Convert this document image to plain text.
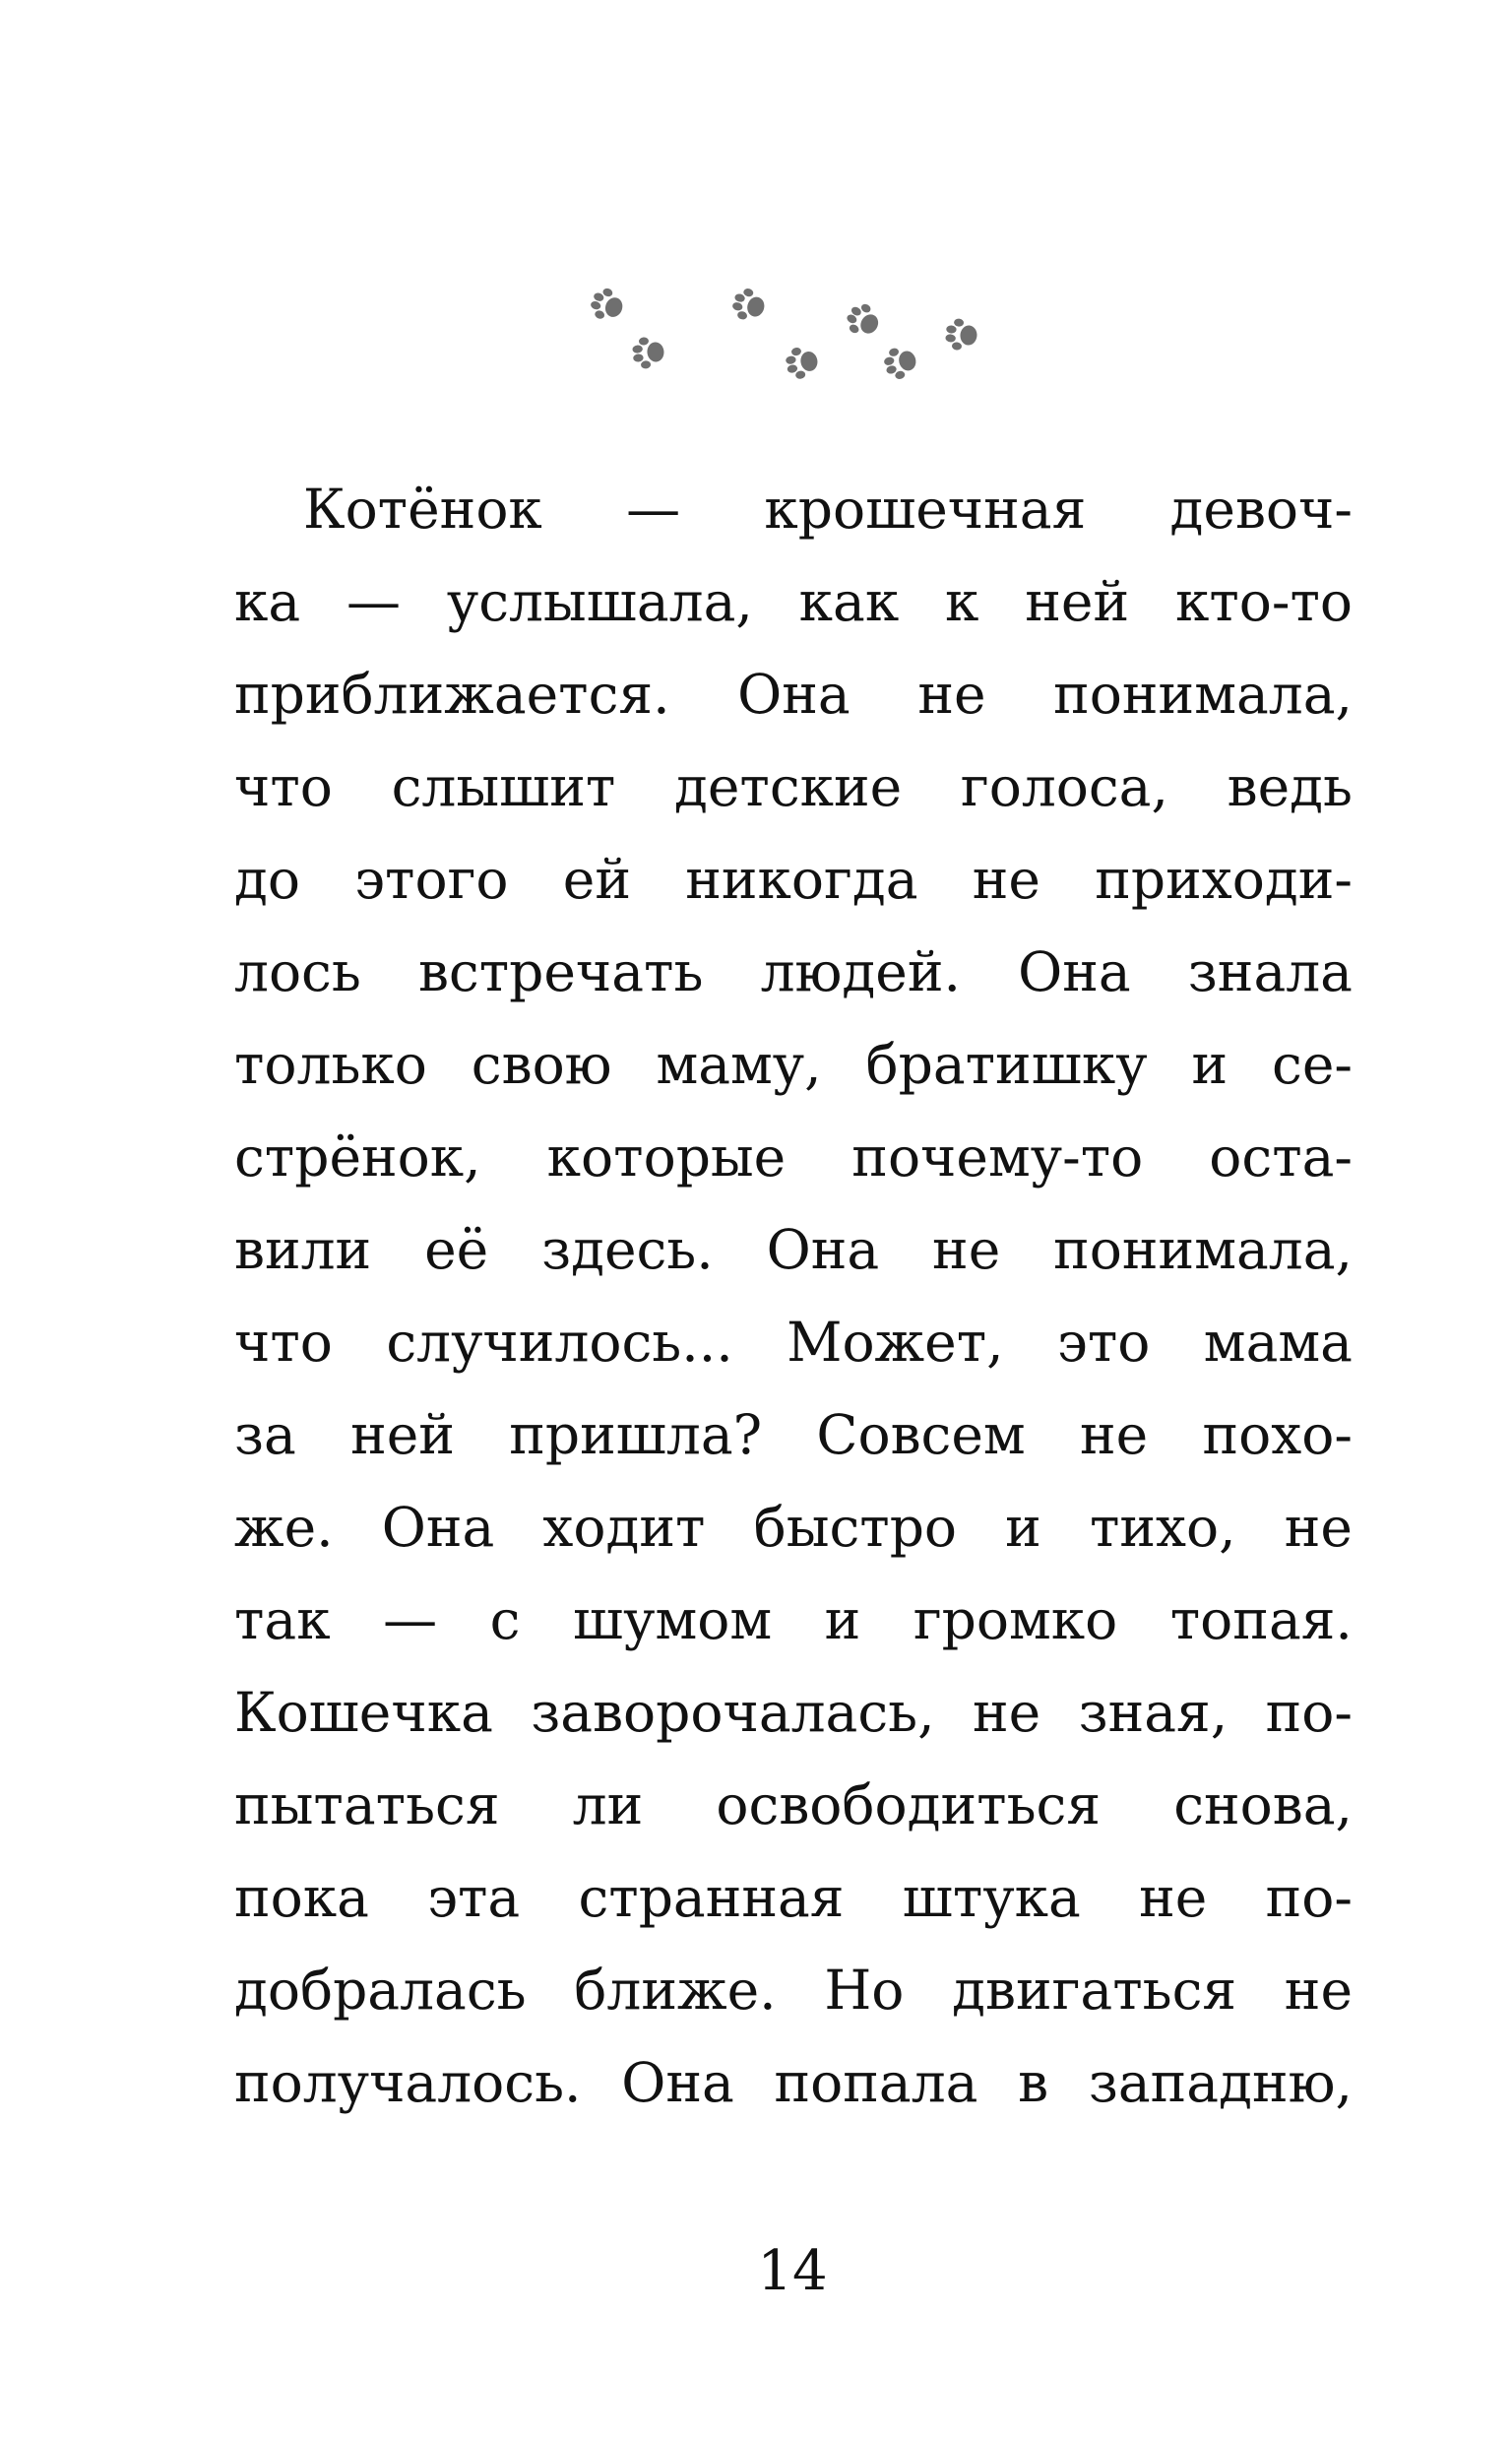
Котёнок — крошечная девоч-
ка — услышала, как к ней кто-то
приближается. Она не понимала,
что слышит детские голоса, ведь
до этого ей никогда не приходи-
лось встречать людей. Она знала
только свою маму, братишку и се-
стрёнок, которые почему-то оста-
вили её здесь. Она не понимала,
что случилось... Может, это мама
за ней пришла? Совсем не похо-
же. Она ходит быстро и тихо, не
так — с шумом и громко топая.
Кошечка заворочалась, не зная, по-
пытаться ли освободиться снова,
пока эта странная штука не по-
добралась ближе. Но двигаться не
получалось. Она попала в западню,
14
